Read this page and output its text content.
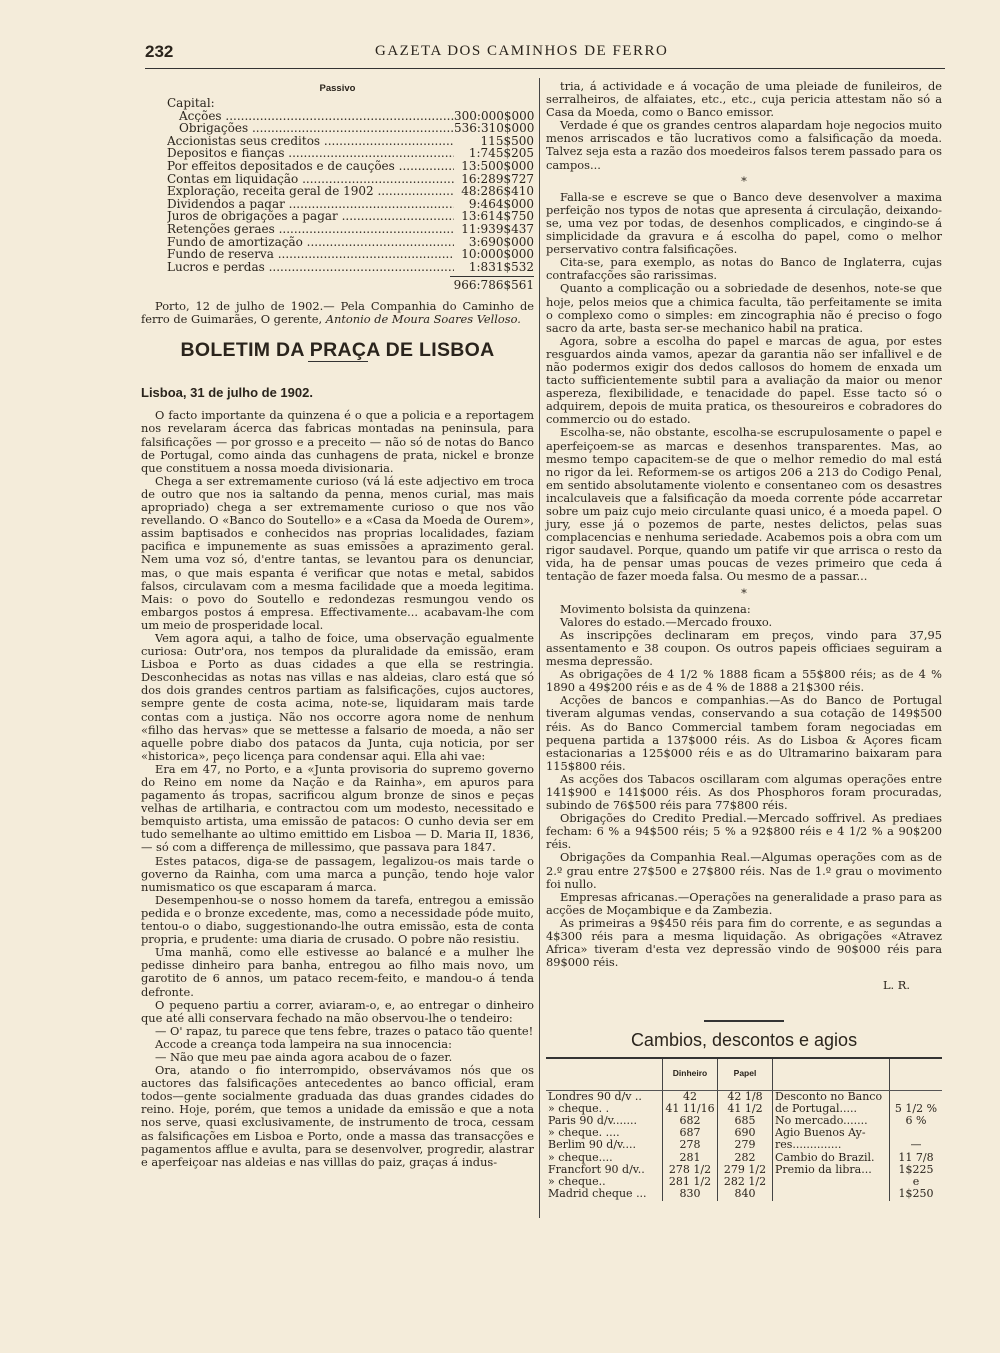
232	GAZETA DOS CAMINHOS DE FERRO
Passivo
Capital:
Acções .....	300:000$000
Obrigações .....	536:310$000
Accionistas seus creditos .....	115$500
Depositos e fianças .....	1:745$205
Por effeitos depositados e de cauções .....	13:500$000
Contas em liquidação .....	16:289$727
Exploração, receita geral de 1902 .....	48:286$410
Dividendos a pagar .....	9:464$000
Juros de obrigações a pagar .....	13:614$750
Retenções geraes .....	11:939$437
Fundo de amortização .....	3:690$000
Fundo de reserva .....	10:000$000
Lucros e perdas .....	1:831$532
966:786$561

Porto, 12 de julho de 1902.— Pela Companhia do Caminho de ferro de Guimarães, O gerente, Antonio de Moura Soares Velloso.

BOLETIM DA PRAÇA DE LISBOA
Lisboa, 31 de julho de 1902.

O facto importante da quinzena é o que a policia e a reportagem nos revelaram ácerca das fabricas montadas na peninsula, para falsificações — por grosso e a preceito — não só de notas do Banco de Portugal, como ainda das cunhagens de prata, nickel e bronze que constituem a nossa moeda divisionaria.

Chega a ser extremamente curioso (vá lá este adjectivo em troca de outro que nos ia saltando da penna, menos curial, mas mais apropriado) chega a ser extremamente curioso o que nos vão revellando. O «Banco do Soutello» e a «Casa da Moeda de Ourem», assim baptisados e conhecidos nas proprias localidades, faziam pacifica e impunemente as suas emissões a aprazimento geral. Nem uma voz só, d'entre tantas, se levantou para os denunciar, mas, o que mais espanta é verificar que notas e metal, sabidos falsos, circulavam com a mesma facilidade que a moeda legitima. Mais: o povo do Soutello e redondezas resmungou vendo os embargos postos á empresa. Effectivamente... acabavam-lhe com um meio de prosperidade local.

Vem agora aqui, a talho de foice, uma observação egualmente curiosa: Outr'ora, nos tempos da pluralidade da emissão, eram Lisboa e Porto as duas cidades a que ella se restringia. Desconhecidas as notas nas villas e nas aldeias, claro está que só dos dois grandes centros partiam as falsificações, cujos auctores, sempre gente de costa acima, note-se, liquidaram mais tarde contas com a justiça. Não nos occorre agora nome de nenhum «filho das hervas» que se mettesse a falsario de moeda, a não ser aquelle pobre diabo dos patacos da Junta, cuja noticia, por ser «historica», peço licença para condensar aqui. Ella ahi vae:

Era em 47, no Porto, e a «Junta provisoria do supremo governo do Reino em nome da Nação e da Rainha», em apuros para pagamento ás tropas, sacrificou algum bronze de sinos e peças velhas de artilharia, e contractou com um modesto, necessitado e bemquisto artista, uma emissão de patacos: O cunho devia ser em tudo semelhante ao ultimo emittido em Lisboa — D. Maria II, 1836, — só com a differença de millessimo, que passava para 1847.

Estes patacos, diga-se de passagem, legalizou-os mais tarde o governo da Rainha, com uma marca a punção, tendo hoje valor numismatico os que escaparam á marca.

Desempenhou-se o nosso homem da tarefa, entregou a emissão pedida e o bronze excedente, mas, como a necessidade póde muito, tentou-o o diabo, suggestionando-lhe outra emissão, esta de conta propria, e prudente: uma diaria de crusado. O pobre não resistiu.

Uma manhã, como elle estivesse ao balancé e a mulher lhe pedisse dinheiro para banha, entregou ao filho mais novo, um garotito de 6 annos, um pataco recem-feito, e mandou-o á tenda defronte.

O pequeno partiu a correr, aviaram-o, e, ao entregar o dinheiro que até alli conservara fechado na mão observou-lhe o tendeiro:

— O' rapaz, tu parece que tens febre, trazes o pataco tão quente!

Accode a creança toda lampeira na sua innocencia:

— Não que meu pae ainda agora acabou de o fazer.

Ora, atando o fio interrompido, observávamos nós que os auctores das falsificações antecedentes ao banco official, eram todos—gente socialmente graduada das duas grandes cidades do reino. Hoje, porém, que temos a unidade da emissão e que a nota nos serve, quasi exclusivamente, de instrumento de troca, cessam as falsificações em Lisboa e Porto, onde a massa das transacções e pagamentos afflue e avulta, para se desenvolver, progredir, alastrar e aperfeiçoar nas aldeias e nas villlas do paiz, graças á indus-

tria, á actividade e á vocação de uma pleiade de funileiros, de serralheiros, de alfaiates, etc., etc., cuja pericia attestam não só a Casa da Moeda, como o Banco emissor.

Verdade é que os grandes centros alapardam hoje negocios muito menos arriscados e tão lucrativos como a falsificação da moeda. Talvez seja esta a razão dos moedeiros falsos terem passado para os campos...

*

Falla-se e escreve se que o Banco deve desenvolver a maxima perfeição nos typos de notas que apresenta á circulação, deixando-se, uma vez por todas, de desenhos complicados, e cingindo-se á simplicidade da gravura e á escolha do papel, como o melhor perservativo contra falsificações.

Cita-se, para exemplo, as notas do Banco de Inglaterra, cujas contrafacções são rarissimas.

Quanto a complicação ou a sobriedade de desenhos, note-se que hoje, pelos meios que a chimica faculta, tão perfeitamente se imita o complexo como o simples: em zincographia não é preciso o fogo sacro da arte, basta ser-se mechanico habil na pratica.

Agora, sobre a escolha do papel e marcas de agua, por estes resguardos ainda vamos, apezar da garantia não ser infallivel e de não podermos exigir dos dedos callosos do homem de enxada um tacto sufficientemente subtil para a avaliação da maior ou menor aspereza, flexibilidade, e tenacidade do papel. Esse tacto só o adquirem, depois de muita pratica, os thesoureiros e cobradores do commercio ou do estado.

Escolha-se, não obstante, escolha-se escrupulosamente o papel e aperfeiçoem-se as marcas e desenhos transparentes. Mas, ao mesmo tempo capacitem-se de que o melhor remedio do mal está no rigor da lei. Reformem-se os artigos 206 a 213 do Codigo Penal, em sentido absolutamente violento e consentaneo com os desastres incalculaveis que a falsificação da moeda corrente póde accarretar sobre um paiz cujo meio circulante quasi unico, é a moeda papel. O jury, esse já o pozemos de parte, nestes delictos, pelas suas complacencias e nenhuma seriedade. Acabemos pois a obra com um rigor saudavel. Porque, quando um patife vir que arrisca o resto da vida, ha de pensar umas poucas de vezes primeiro que ceda á tentação de fazer moeda falsa. Ou mesmo de a passar...

*

Movimento bolsista da quinzena:

Valores do estado.—Mercado frouxo.

As inscripções declinaram em preços, vindo para 37,95 assentamento e 38 coupon. Os outros papeis officiaes seguiram a mesma depressão.

As obrigações de 4 1/2 % 1888 ficam a 55$800 réis; as de 4 % 1890 a 49$200 réis e as de 4 % de 1888 a 21$300 réis.

Acções de bancos e companhias.—As do Banco de Portugal tiveram algumas vendas, conservando a sua cotação de 149$500 réis. As do Banco Commercial tambem foram negociadas em pequena partida a 137$000 réis. As do Lisboa & Açores ficam estacionarias a 125$000 réis e as do Ultramarino baixaram para 115$800 réis.

As acções dos Tabacos oscillaram com algumas operações entre 141$900 e 141$000 réis. As dos Phosphoros foram procuradas, subindo de 76$500 réis para 77$800 réis.

Obrigações do Credito Predial.—Mercado soffrivel. As prediaes fecham: 6 % a 94$500 réis; 5 % a 92$800 réis e 4 1/2 % a 90$200 réis.

Obrigações da Companhia Real.—Algumas operações com as de 2.º grau entre 27$500 e 27$800 réis. Nas de 1.º grau o movimento foi nullo.

Empresas africanas.—Operações na generalidade a praso para as acções de Moçambique e da Zambezia.

As primeiras a 9$450 réis para fim do corrente, e as segundas a 4$300 réis para a mesma liquidação. As obrigações «Atravez Africa» tiveram d'esta vez depressão vindo de 90$000 réis para 89$000 réis.

L. R.
Cambios, descontos e agios
	Dinheiro	Papel		
Londres 90 d/v ..	42	42 1/8	Desconto no Banco	
» cheque. .	41 11/16	41 1/2	de Portugal.....	5 1/2 %
Paris 90 d/v.......	682	685	No mercado.......	6 %
» cheque. ....	687	690	Agio Buenos Ay-	
Berlim 90 d/v....	278	279	res..............	—
» cheque....	281	282	Cambio do Brazil.	11 7/8
Francfort 90 d/v..	278 1/2	279 1/2	Premio da libra...	1$225
» cheque..	281 1/2	282 1/2		e
Madrid cheque ...	830	840		1$250
